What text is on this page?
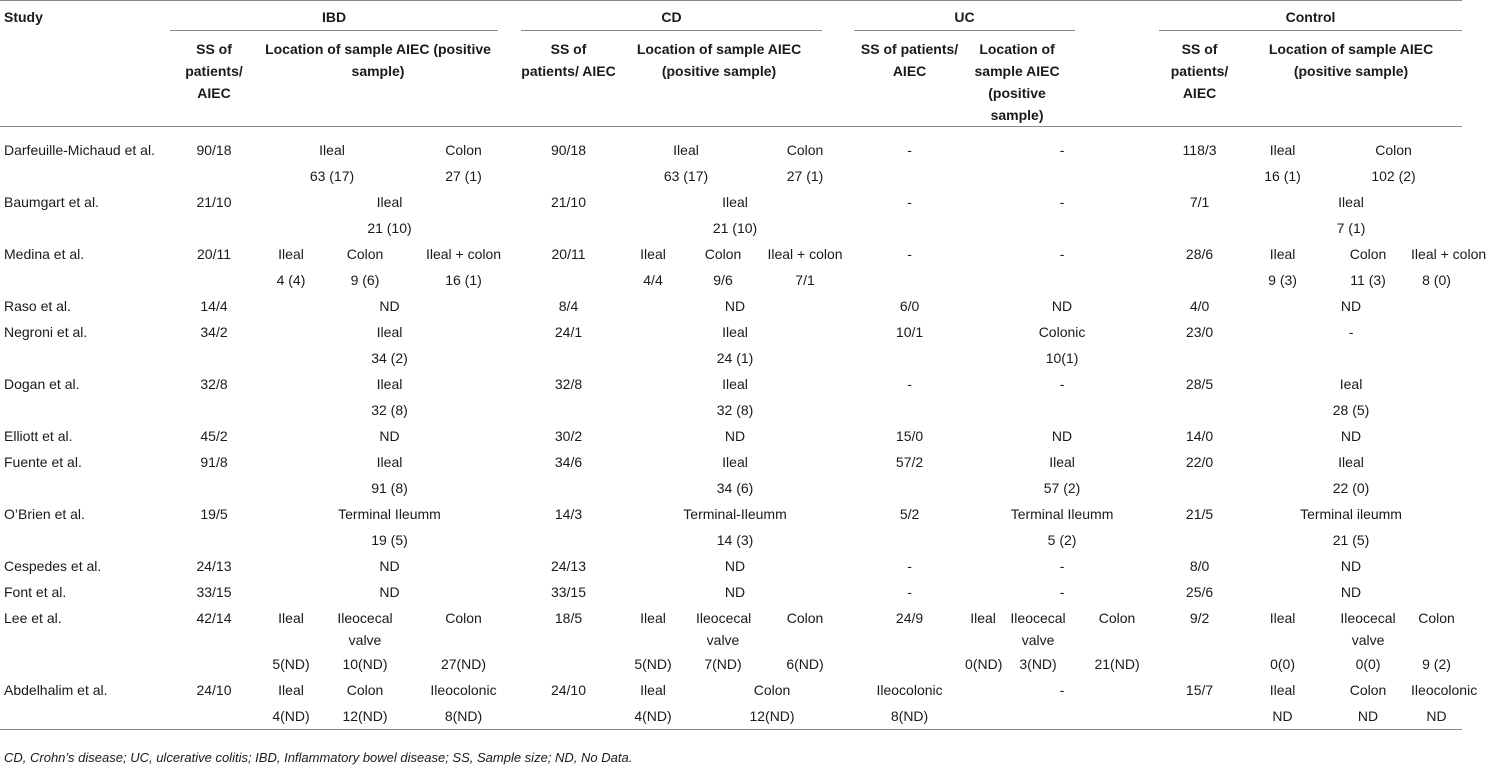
Study	IBD					CD					UC				Control			

	SS of patients/ AIEC	Location of sample AIEC (positive sample)				SS of patients/ AIEC	Location of sample AIEC (positive sample)				SS of patients/ AIEC	Location of sample AIEC (positive sample)			SS of patients/ AIEC	Location of sample AIEC (positive sample)		
Darfeuille-Michaud et al.	90/18	Ileal		Colon		90/18	Ileal		Colon		-	-			118/3	Ileal	Colon	
		63 (17)		27 (1)			63 (17)		27 (1)							16 (1)	102 (2)	
Baumgart et al.	21/10	Ileal				21/10	Ileal				-	-			7/1	Ileal		
		21 (10)					21 (10)									7 (1)		
Medina et al.	20/11	Ileal	Colon	Ileal + colon		20/11	Ileal	Colon	Ileal + colon		-	-			28/6	Ileal	Colon	Ileal + colon
		4 (4)	9 (6)	16 (1)			4/4	9/6	7/1							9 (3)	11 (3)	8 (0)
Raso et al.	14/4	ND				8/4	ND				6/0	ND			4/0	ND		
Negroni et al.	34/2	Ileal				24/1	Ileal				10/1	Colonic			23/0	-		
		34 (2)					24 (1)					10(1)						
Dogan et al.	32/8	Ileal				32/8	Ileal				-	-			28/5	Ieal		
		32 (8)					32 (8)									28 (5)		
Elliott et al.	45/2	ND				30/2	ND				15/0	ND			14/0	ND		
Fuente et al.	91/8	Ileal				34/6	Ileal				57/2	Ileal			22/0	Ileal		
		91 (8)					34 (6)					57 (2)				22 (0)		
O’Brien et al.	19/5	Terminal Ileumm				14/3	Terminal-Ileumm				5/2	Terminal Ileumm			21/5	Terminal ileumm		
		19 (5)					14 (3)					5 (2)				21 (5)		
Cespedes et al.	24/13	ND				24/13	ND				-	-			8/0	ND		
Font et al.	33/15	ND				33/15	ND				-	-			25/6	ND		
Lee et al.	42/14	Ileal	Ileocecal valve	Colon		18/5	Ileal	Ileocecal valve	Colon		24/9	Ileal	Ileocecal valve	Colon	9/2	Ileal	Ileocecal valve	Colon
		5(ND)	10(ND)	27(ND)			5(ND)	7(ND)	6(ND)			0(ND)	3(ND)	21(ND)		0(0)	0(0)	9 (2)
Abdelhalim et al.	24/10	Ileal	Colon	Ileocolonic		24/10	Ileal	Colon			Ileocolonic	-			15/7	Ileal	Colon	Ileocolonic
		4(ND)	12(ND)	8(ND)			4(ND)	12(ND)			8(ND)					ND	ND	ND

CD, Crohn’s disease; UC, ulcerative colitis; IBD, Inflammatory bowel disease; SS, Sample size; ND, No Data.
